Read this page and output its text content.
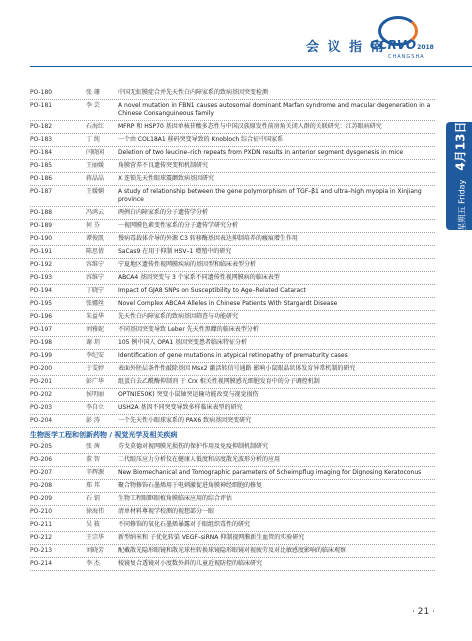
会 议 指 南
CCRVO2018
CHANGSHA
星期五 Friday 4月13日
PO-180	张 珊	中国无虹膜症合并先天性白内障家系的致病基因突变检测
PO-181	李 芸	A novel mutation in FBN1 causes autosomal dominant Marfan syndrome and macular degeneration in a Chinese Consanguineous family
PO-182	石海红	MFRP 和 HSP70 基因单核苷酸多态性与中国汉族原发性前房角关闭人群的关联研究：江苏眼病研究
PO-183	丁 纯	一个由 COL18A1 移码突变导致的 Knobloch 综合征中国家系
PO-184	闫晓闲	Deletion of two leucine–rich repeats from PXDN results in anterior segment dysgenesis in mice
PO-185	王丽媛	角膜营养不良遗传突变和机制研究
PO-186	蒋晶晶	X 连锁先天性眼球震颤致病基因研究
PO-187	王媛娴	A study of relationship between the gene polymorphism of TGF–β1 and ultra–high myopia in Xinjiang province
PO-188	冯鸿云	两例白内障家系的分子遗传学分析
PO-189	何 芬	一视网膜色素变性家系的分子遗传学研究分析
PO-190	谭俊凯	慢病毒载体介导的外源 C3 转移酶基因表达抑制培养的瘢痕增生作用
PO-191	陈思倩	SaCas9 在用于抑制 HSV–1 增殖中的研究
PO-192	容维宁	宁夏地区遗传性视网膜疾病的基因型和临床表型分析
PO-193	容维宁	ABCA4 基因突变与 3 个家系不同遗传性视网膜病的临床表型
PO-194	丁晓宁	Impact of GJA8 SNPs on Susceptibility to Age–Related Cataract
PO-195	张娜丝	Novel Complex ABCA4 Alleles in Chinese Patients With Stargardt Disease
PO-196	朱益华	先天性白内障家系的致病基因筛查与功能研究
PO-197	刘雅妮	不同基因突变导致 Leber 先天性黑矇的临床表型分析
PO-198	谢 玥	105 例中国人 OPA1 基因突变患者临床特征分析
PO-199	李纪安	Identification of gene mutations in atypical retinopathy of prematurity cases
PO-200	于雯婷	表面外胚层条件性敲除基因 Msx2 激活转信号通路 影响小鼠眼晶状体发育异常机制的研究
PO-201	彭广华	组蛋白去乙酰酶抑制剂 于 Crx 相关性视网膜感光细胞发育中的分子调控机制
PO-202	侯明丽	OPTN(E50K) 突变小鼠轴突运输功能改变与视觉损伤
PO-203	李自立	USH2A 基因不同突变导致多样临床表型的研究
PO-204	彭 涛	一个先天性小眼球家系的 PAX6 致病基因突变研究
生物医学工程和创新药物 / 视觉光学及相关疾病
PO-205	张 茜	芬戈莫德对视网膜光损伤的保护作用及免疫抑制机制研究
PO-206	董 智	二代眼压应力分析仪在健康人低度和高度散光波形分析的应用
PO-207	辛辉源	New Biomechanical and Tomographic parameters of Scheimpflug imaging for Dignosing Keratoconus
PO-208	郑 邦	聚合物修饰石墨烯用于电刺激促进角膜神经细胞的修复
PO-209	石 钥	生物工程眼眶眼植角膜临床应用的综合评估
PO-210	徐海伟	清单材料尊视学校测的视想部分一眼
PO-211	吴 筱	不同修饰的氧化石墨烯暴露对于眼组织毒性的研究
PO-212	王宗华	新型纳米和 子优化转染 VEGF–siRNA 抑制视网膜新生血管的实验研究
PO-213	刘晓芳	配戴散光隐形眼镜和散光球柱转换球镜隐形眼镜对视疲劳及对比敏感度影响的临床观察
PO-214	李 杰	棱镜复合透镜对小度数外斜的儿童近视防控的临床研究
· 21 ·
